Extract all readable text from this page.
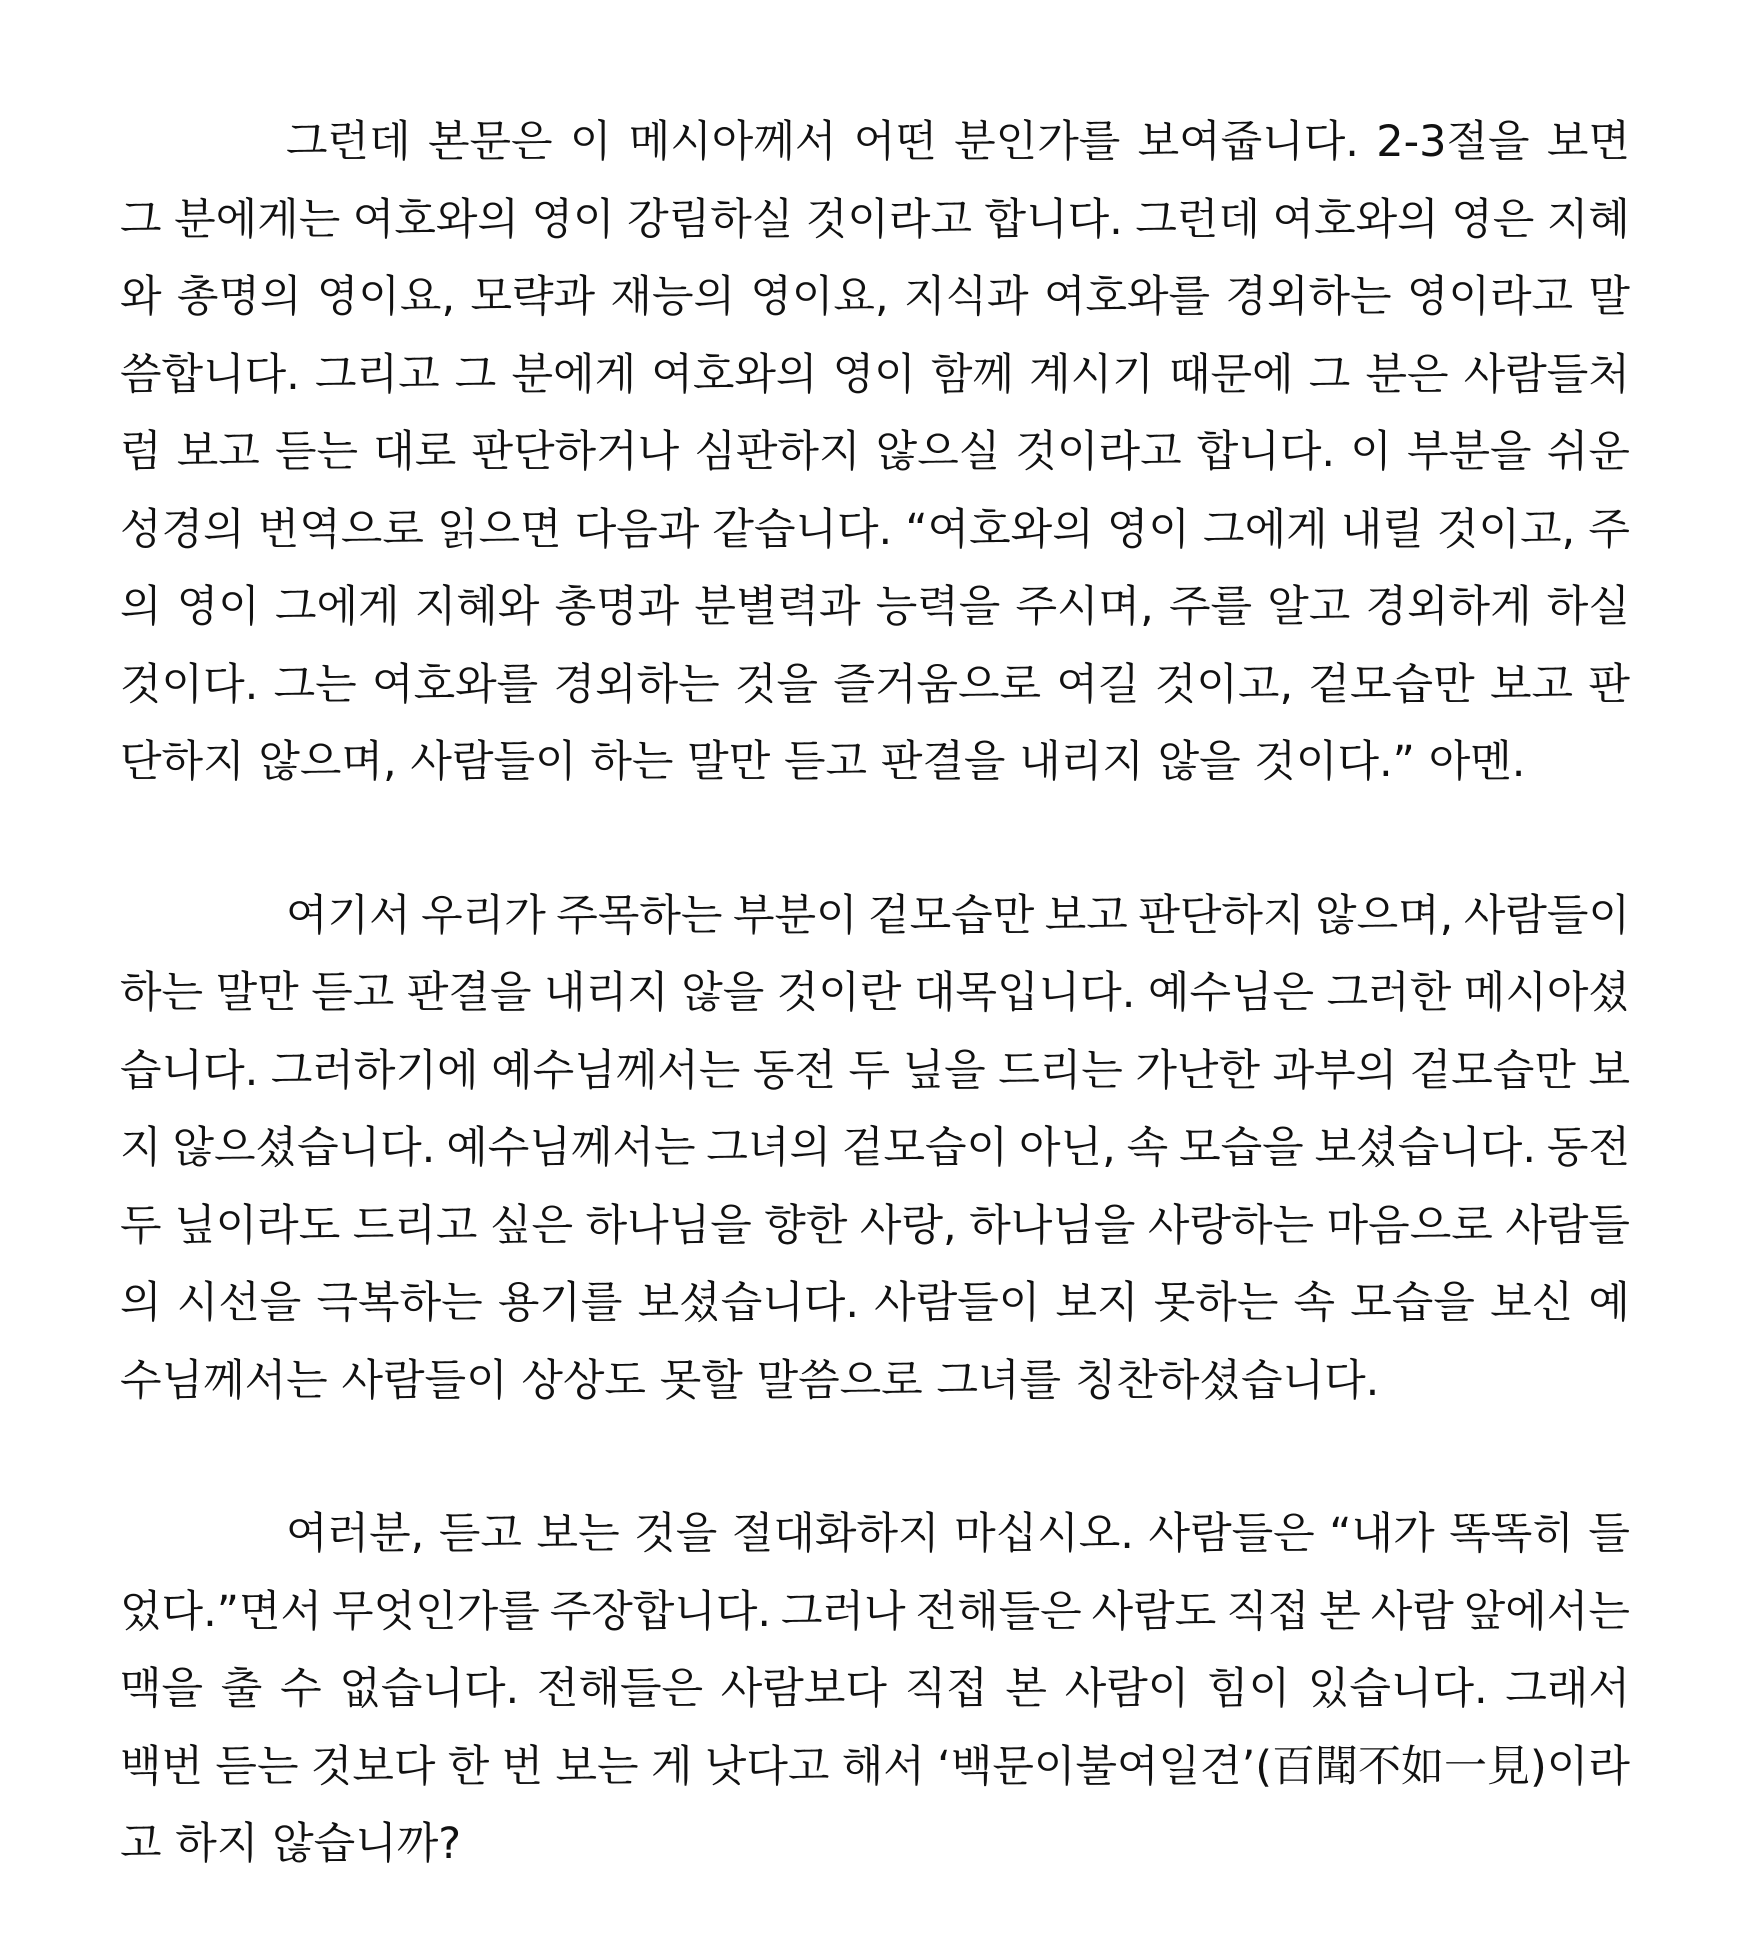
그런데 본문은 이 메시아께서 어떤 분인가를 보여줍니다. 2-3절을 보면
그 분에게는 여호와의 영이 강림하실 것이라고 합니다. 그런데 여호와의 영은 지혜
와 총명의 영이요, 모략과 재능의 영이요, 지식과 여호와를 경외하는 영이라고 말
씀합니다. 그리고 그 분에게 여호와의 영이 함께 계시기 때문에 그 분은 사람들처
럼 보고 듣는 대로 판단하거나 심판하지 않으실 것이라고 합니다. 이 부분을 쉬운
성경의 번역으로 읽으면 다음과 같습니다. “여호와의 영이 그에게 내릴 것이고, 주
의 영이 그에게 지혜와 총명과 분별력과 능력을 주시며, 주를 알고 경외하게 하실
것이다. 그는 여호와를 경외하는 것을 즐거움으로 여길 것이고, 겉모습만 보고 판
단하지 않으며, 사람들이 하는 말만 듣고 판결을 내리지 않을 것이다.” 아멘.
여기서 우리가 주목하는 부분이 겉모습만 보고 판단하지 않으며, 사람들이
하는 말만 듣고 판결을 내리지 않을 것이란 대목입니다. 예수님은 그러한 메시아셨
습니다. 그러하기에 예수님께서는 동전 두 닢을 드리는 가난한 과부의 겉모습만 보
지 않으셨습니다. 예수님께서는 그녀의 겉모습이 아닌, 속 모습을 보셨습니다. 동전
두 닢이라도 드리고 싶은 하나님을 향한 사랑, 하나님을 사랑하는 마음으로 사람들
의 시선을 극복하는 용기를 보셨습니다. 사람들이 보지 못하는 속 모습을 보신 예
수님께서는 사람들이 상상도 못할 말씀으로 그녀를 칭찬하셨습니다.
여러분, 듣고 보는 것을 절대화하지 마십시오. 사람들은 “내가 똑똑히 들
었다.”면서 무엇인가를 주장합니다. 그러나 전해들은 사람도 직접 본 사람 앞에서는
맥을 출 수 없습니다. 전해들은 사람보다 직접 본 사람이 힘이 있습니다. 그래서
백번 듣는 것보다 한 번 보는 게 낫다고 해서 ‘백문이불여일견’(百聞不如一見)이라
고 하지 않습니까?
